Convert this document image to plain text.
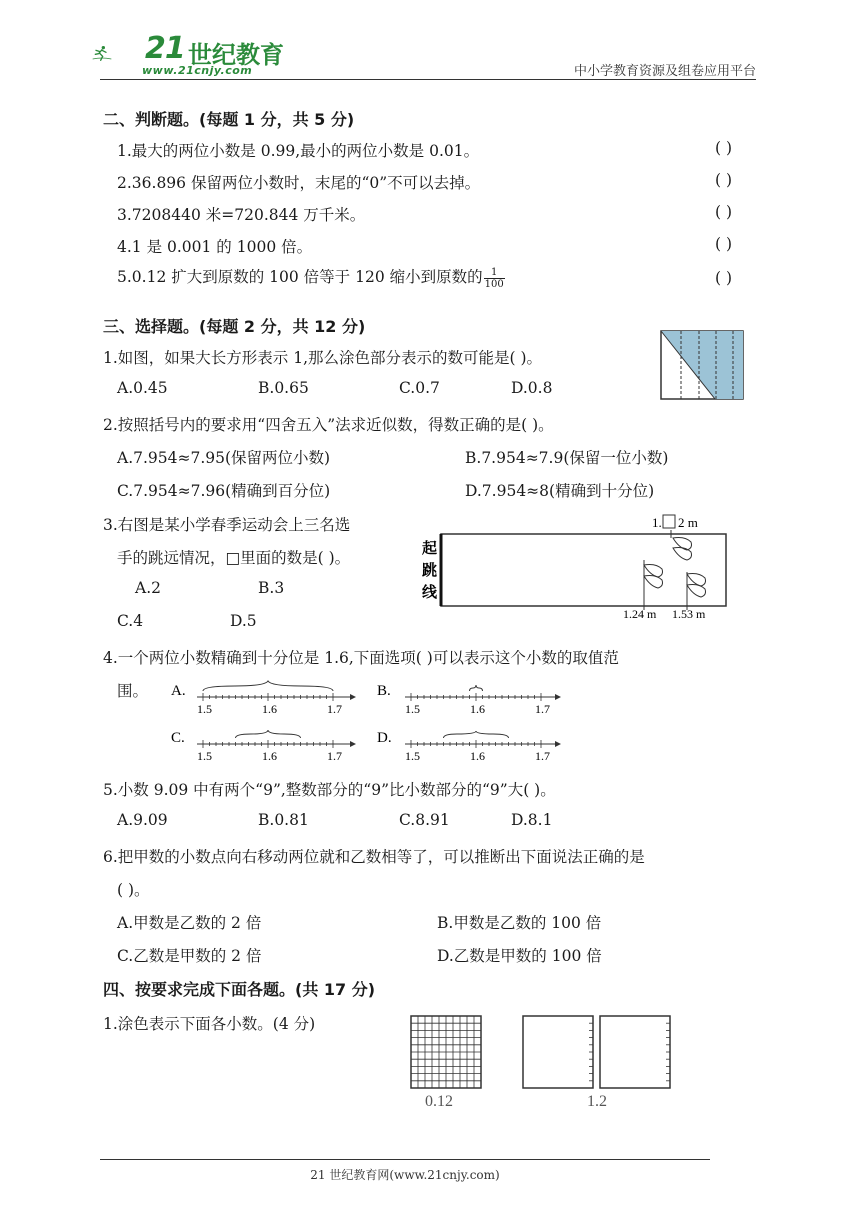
21 世纪教育
www.21cnjy.com	中小学教育资源及组卷应用平台
二、判断题。(每题 1 分，共 5 分)
1.最大的两位小数是 0.99,最小的两位小数是 0.01。	( )
2.36.896 保留两位小数时，末尾的“0”不可以去掉。	( )
3.7208440 米=720.844 万千米。	( )
4.1 是 0.001 的 1000 倍。	( )
5.0.12 扩大到原数的 100 倍等于 120 缩小到原数的 $\frac{1}{100}$	( )
三、选择题。(每题 2 分，共 12 分)
1.如图，如果大长方形表示 1,那么涂色部分表示的数可能是( )。
A.0.45	B.0.65	C.0.7	D.0.8
2.按照括号内的要求用“四舍五入”法求近似数，得数正确的是( )。
A.7.954≈7.95(保留两位小数)	B.7.954≈7.9(保留一位小数)
C.7.954≈7.96(精确到百分位)	D.7.954≈8(精确到十分位)
3.右图是某小学春季运动会上三名选
手的跳远情况，□里面的数是( )。
A.2	B.3
C.4	D.5
起
跳
线
1. 2 m
1.24 m 1.53 m
4.一个两位小数精确到十分位是 1.6,下面选项( )可以表示这个小数的取值范
围。 A.
1.5	1.6	1.7
B.
1.5	1.6	1.7
C.
1.5	1.6	1.7
D.
1.5	1.6	1.7
5.小数 9.09 中有两个“9”,整数部分的“9”比小数部分的“9”大( )。
A.9.09	B.0.81	C.8.91	D.8.1
6.把甲数的小数点向右移动两位就和乙数相等了，可以推断出下面说法正确的是
( )。
A.甲数是乙数的 2 倍	B.甲数是乙数的 100 倍
C.乙数是甲数的 2 倍	D.乙数是甲数的 100 倍
四、按要求完成下面各题。(共 17 分)
1.涂色表示下面各小数。(4 分)
0.12	1.2
21 世纪教育网(www.21cnjy.com)
